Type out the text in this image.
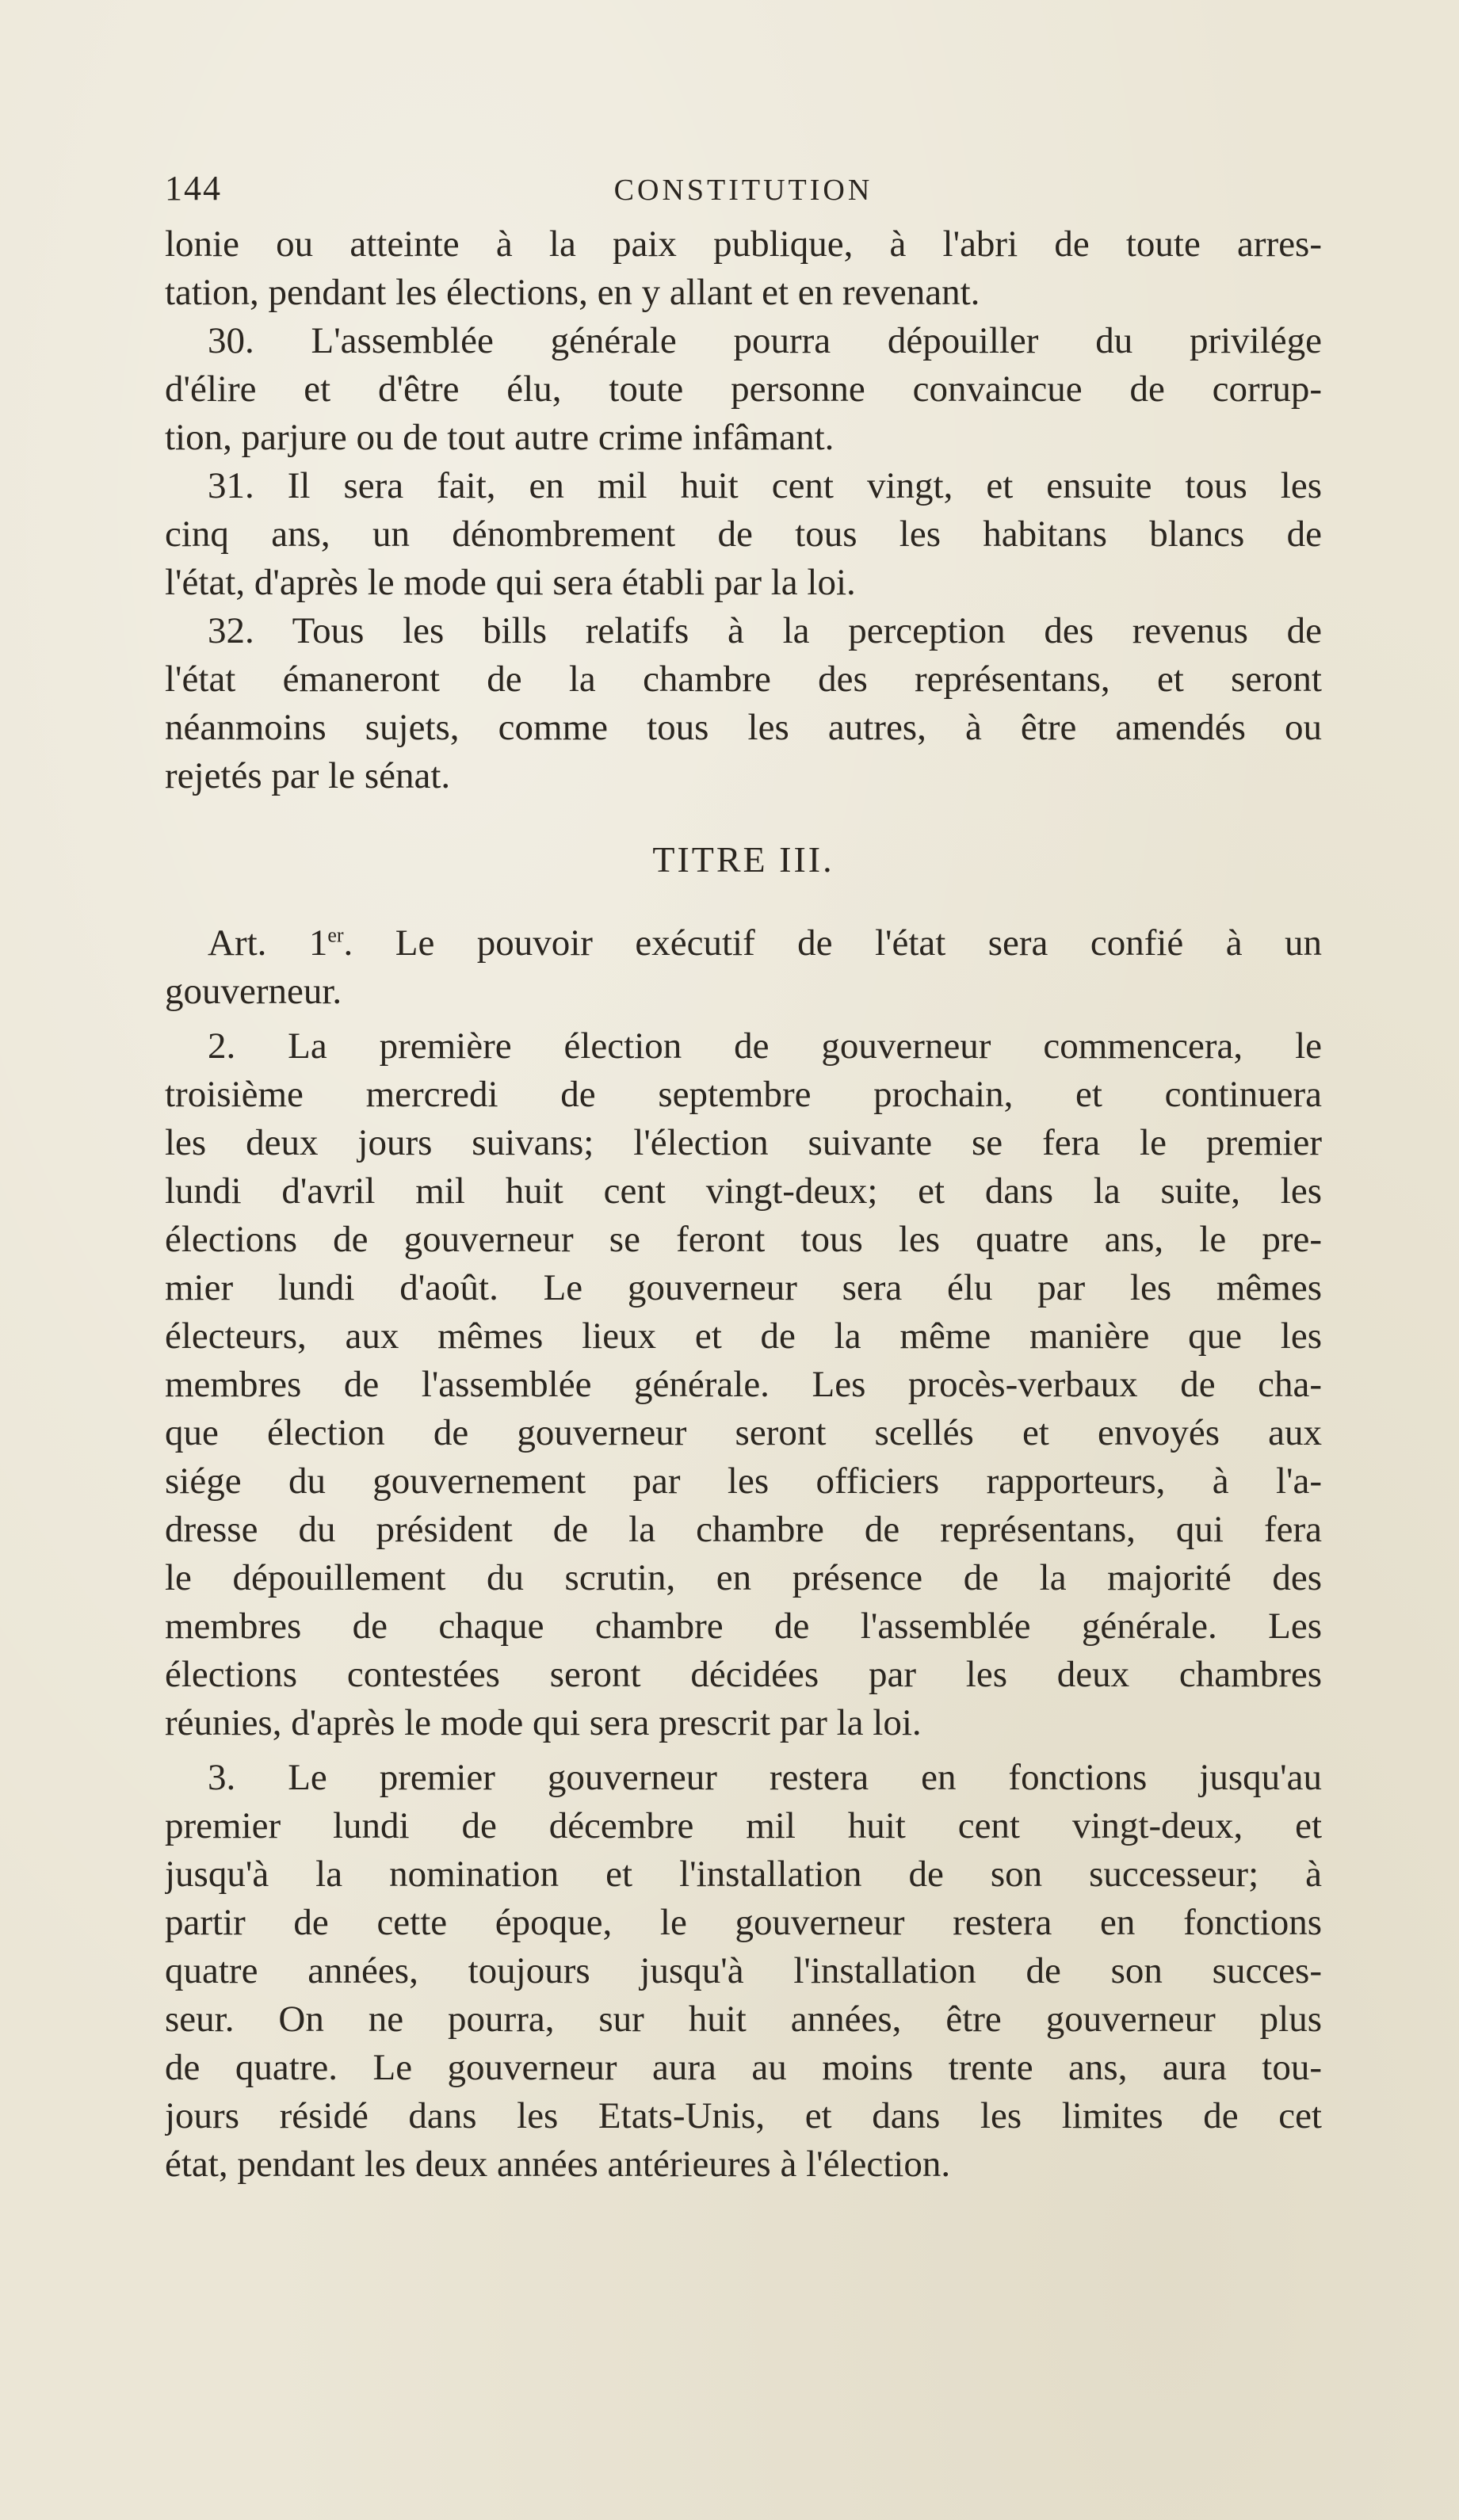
144	CONSTITUTION
lonie ou atteinte à la paix publique, à l'abri de toute arres-
tation, pendant les élections, en y allant et en revenant.
30. L'assemblée générale pourra dépouiller du privilége
d'élire et d'être élu, toute personne convaincue de corrup-
tion, parjure ou de tout autre crime infâmant.
31. Il sera fait, en mil huit cent vingt, et ensuite tous les
cinq ans, un dénombrement de tous les habitans blancs de
l'état, d'après le mode qui sera établi par la loi.
32. Tous les bills relatifs à la perception des revenus de
l'état émaneront de la chambre des représentans, et seront
néanmoins sujets, comme tous les autres, à être amendés ou
rejetés par le sénat.
TITRE III.
Art. 1er. Le pouvoir exécutif de l'état sera confié à un
gouverneur.
2. La première élection de gouverneur commencera, le
troisième mercredi de septembre prochain, et continuera
les deux jours suivans; l'élection suivante se fera le premier
lundi d'avril mil huit cent vingt-deux; et dans la suite, les
élections de gouverneur se feront tous les quatre ans, le pre-
mier lundi d'août. Le gouverneur sera élu par les mêmes
électeurs, aux mêmes lieux et de la même manière que les
membres de l'assemblée générale. Les procès-verbaux de cha-
que élection de gouverneur seront scellés et envoyés aux
siége du gouvernement par les officiers rapporteurs, à l'a-
dresse du président de la chambre de représentans, qui fera
le dépouillement du scrutin, en présence de la majorité des
membres de chaque chambre de l'assemblée générale. Les
élections contestées seront décidées par les deux chambres
réunies, d'après le mode qui sera prescrit par la loi.
3. Le premier gouverneur restera en fonctions jusqu'au
premier lundi de décembre mil huit cent vingt-deux, et
jusqu'à la nomination et l'installation de son successeur; à
partir de cette époque, le gouverneur restera en fonctions
quatre années, toujours jusqu'à l'installation de son succes-
seur. On ne pourra, sur huit années, être gouverneur plus
de quatre. Le gouverneur aura au moins trente ans, aura tou-
jours résidé dans les Etats-Unis, et dans les limites de cet
état, pendant les deux années antérieures à l'élection.
